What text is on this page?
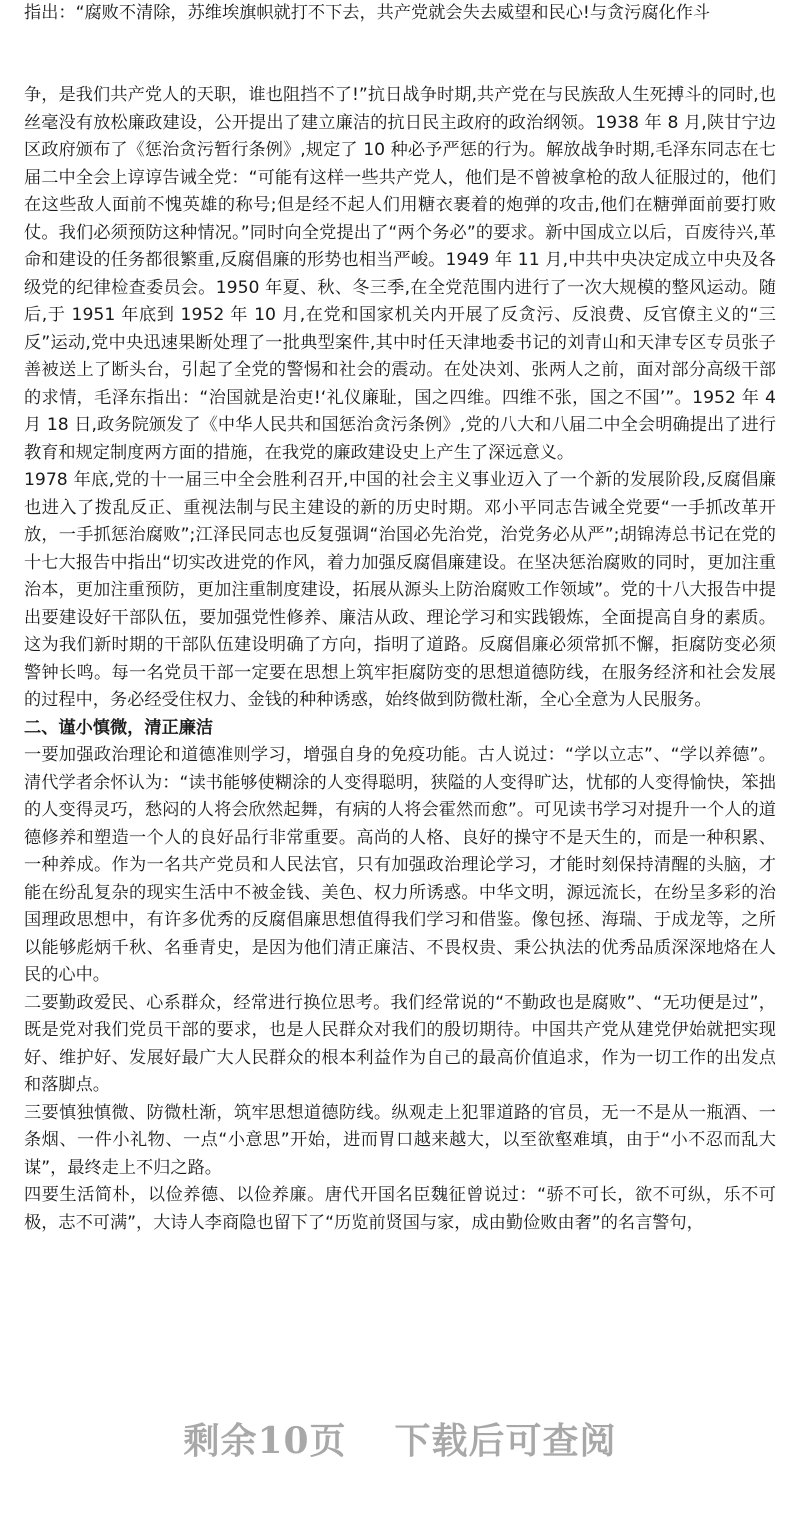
指出：“腐败不清除，苏维埃旗帜就打不下去，共产党就会失去威望和民心!与贪污腐化作斗

争，是我们共产党人的天职，谁也阻挡不了!”抗日战争时期,共产党在与民族敌人生死搏斗的同时,也丝毫没有放松廉政建设，公开提出了建立廉洁的抗日民主政府的政治纲领。1938 年 8 月,陕甘宁边区政府颁布了《惩治贪污暂行条例》,规定了 10 种必予严惩的行为。解放战争时期,毛泽东同志在七届二中全会上谆谆告诫全党：“可能有这样一些共产党人，他们是不曾被拿枪的敌人征服过的，他们在这些敌人面前不愧英雄的称号;但是经不起人们用糖衣裹着的炮弹的攻击,他们在糖弹面前要打败仗。我们必须预防这种情况。”同时向全党提出了“两个务必”的要求。新中国成立以后，百废待兴,革命和建设的任务都很繁重,反腐倡廉的形势也相当严峻。1949 年 11 月,中共中央决定成立中央及各级党的纪律检查委员会。1950 年夏、秋、冬三季,在全党范围内进行了一次大规模的整风运动。随后,于 1951 年底到 1952 年 10 月,在党和国家机关内开展了反贪污、反浪费、反官僚主义的“三反”运动,党中央迅速果断处理了一批典型案件,其中时任天津地委书记的刘青山和天津专区专员张子善被送上了断头台，引起了全党的警惕和社会的震动。在处决刘、张两人之前，面对部分高级干部的求情，毛泽东指出：“治国就是治吏!‘礼仪廉耻，国之四维。四维不张，国之不国’”。1952 年 4 月 18 日,政务院颁发了《中华人民共和国惩治贪污条例》,党的八大和八届二中全会明确提出了进行教育和规定制度两方面的措施，在我党的廉政建设史上产生了深远意义。

1978 年底,党的十一届三中全会胜利召开,中国的社会主义事业迈入了一个新的发展阶段,反腐倡廉也进入了拨乱反正、重视法制与民主建设的新的历史时期。邓小平同志告诫全党要“一手抓改革开放，一手抓惩治腐败”;江泽民同志也反复强调“治国必先治党，治党务必从严”;胡锦涛总书记在党的十七大报告中指出“切实改进党的作风，着力加强反腐倡廉建设。在坚决惩治腐败的同时，更加注重治本，更加注重预防，更加注重制度建设，拓展从源头上防治腐败工作领域”。党的十八大报告中提出要建设好干部队伍，要加强党性修养、廉洁从政、理论学习和实践锻炼，全面提高自身的素质。这为我们新时期的干部队伍建设明确了方向，指明了道路。反腐倡廉必须常抓不懈，拒腐防变必须警钟长鸣。每一名党员干部一定要在思想上筑牢拒腐防变的思想道德防线，在服务经济和社会发展的过程中，务必经受住权力、金钱的种种诱惑，始终做到防微杜渐，全心全意为人民服务。

二、谨小慎微，清正廉洁

一要加强政治理论和道德准则学习，增强自身的免疫功能。古人说过：“学以立志”、“学以养德”。清代学者余怀认为：“读书能够使糊涂的人变得聪明，狭隘的人变得旷达，忧郁的人变得愉快，笨拙的人变得灵巧，愁闷的人将会欣然起舞，有病的人将会霍然而愈”。可见读书学习对提升一个人的道德修养和塑造一个人的良好品行非常重要。高尚的人格、良好的操守不是天生的，而是一种积累、一种养成。作为一名共产党员和人民法官，只有加强政治理论学习，才能时刻保持清醒的头脑，才能在纷乱复杂的现实生活中不被金钱、美色、权力所诱惑。中华文明，源远流长，在纷呈多彩的治国理政思想中，有许多优秀的反腐倡廉思想值得我们学习和借鉴。像包拯、海瑞、于成龙等，之所以能够彪炳千秋、名垂青史，是因为他们清正廉洁、不畏权贵、秉公执法的优秀品质深深地烙在人民的心中。

二要勤政爱民、心系群众，经常进行换位思考。我们经常说的“不勤政也是腐败”、“无功便是过”，既是党对我们党员干部的要求，也是人民群众对我们的殷切期待。中国共产党从建党伊始就把实现好、维护好、发展好最广大人民群众的根本利益作为自己的最高价值追求，作为一切工作的出发点和落脚点。

三要慎独慎微、防微杜渐，筑牢思想道德防线。纵观走上犯罪道路的官员，无一不是从一瓶酒、一条烟、一件小礼物、一点“小意思”开始，进而胃口越来越大，以至欲壑难填，由于“小不忍而乱大谋”，最终走上不归之路。

四要生活简朴，以俭养德、以俭养廉。唐代开国名臣魏征曾说过：“骄不可长，欲不可纵，乐不可极，志不可满”，大诗人李商隐也留下了“历览前贤国与家，成由勤俭败由奢”的名言警句，

剩余10页 下载后可查阅
